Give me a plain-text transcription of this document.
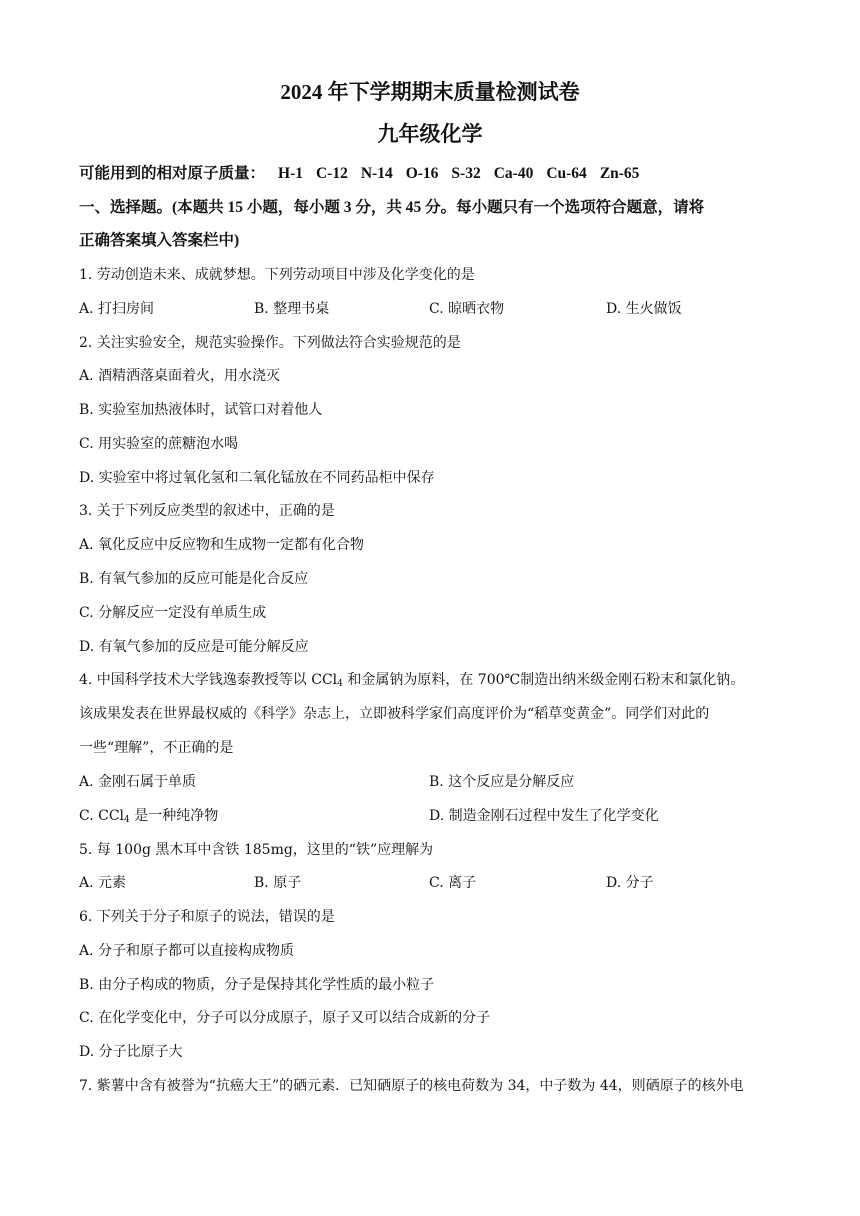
2024 年下学期期末质量检测试卷
九年级化学
可能用到的相对原子质量： H-1 C-12 N-14 O-16 S-32 Ca-40 Cu-64 Zn-65
一、选择题。(本题共 15 小题，每小题 3 分，共 45 分。每小题只有一个选项符合题意，请将
正确答案填入答案栏中)
1. 劳动创造未来、成就梦想。下列劳动项目中涉及化学变化的是
A. 打扫房间	B. 整理书桌	C. 晾晒衣物	D. 生火做饭
2. 关注实验安全，规范实验操作。下列做法符合实验规范的是
A. 酒精洒落桌面着火，用水浇灭
B. 实验室加热液体时，试管口对着他人
C. 用实验室的蔗糖泡水喝
D. 实验室中将过氧化氢和二氧化锰放在不同药品柜中保存
3. 关于下列反应类型的叙述中，正确的是
A. 氧化反应中反应物和生成物一定都有化合物
B. 有氧气参加的反应可能是化合反应
C. 分解反应一定没有单质生成
D. 有氧气参加的反应是可能分解反应
4. 中国科学技术大学钱逸泰教授等以 CCl$_4$ 和金属钠为原料，在 700℃制造出纳米级金刚石粉末和氯化钠。
该成果发表在世界最权威的《科学》杂志上，立即被科学家们高度评价为“稻草变黄金”。同学们对此的
一些“理解”，不正确的是
A. 金刚石属于单质	B. 这个反应是分解反应
C. CCl$_4$ 是一种纯净物	D. 制造金刚石过程中发生了化学变化
5. 每 100g 黑木耳中含铁 185mg，这里的“铁”应理解为
A. 元素	B. 原子	C. 离子	D. 分子
6. 下列关于分子和原子的说法，错误的是
A. 分子和原子都可以直接构成物质
B. 由分子构成的物质，分子是保持其化学性质的最小粒子
C. 在化学变化中，分子可以分成原子，原子又可以结合成新的分子
D. 分子比原子大
7. 紫薯中含有被誉为“抗癌大王”的硒元素．已知硒原子的核电荷数为 34，中子数为 44，则硒原子的核外电
